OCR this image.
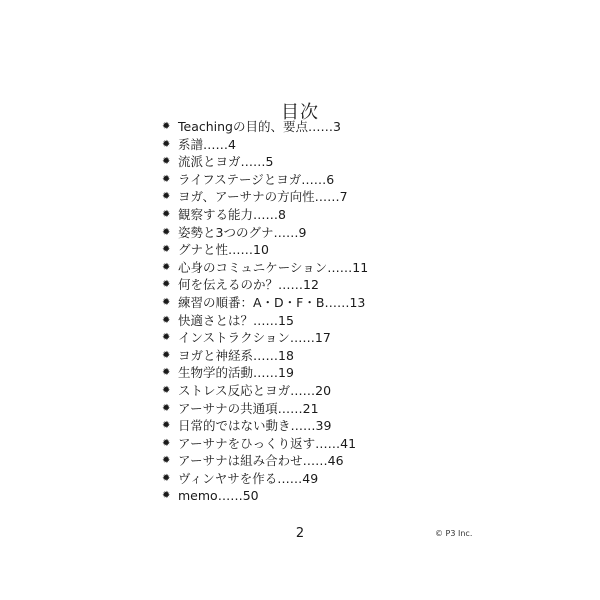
目次
✹ Teachingの目的、要点……3
✹ 系譜……4
✹ 流派とヨガ……5
✹ ライフステージとヨガ……6
✹ ヨガ、アーサナの方向性……7
✹ 観察する能力……8
✹ 姿勢と3つのグナ……9
✹ グナと性……10
✹ 心身のコミュニケーション……11
✹ 何を伝えるのか？……12
✹ 練習の順番：A・D・F・B……13
✹ 快適さとは？……15
✹ インストラクション……17
✹ ヨガと神経系……18
✹ 生物学的活動……19
✹ ストレス反応とヨガ……20
✹ アーサナの共通項……21
✹ 日常的ではない動き……39
✹ アーサナをひっくり返す……41
✹ アーサナは組み合わせ……46
✹ ヴィンヤサを作る……49
✹ memo……50
2	© P3 Inc.
